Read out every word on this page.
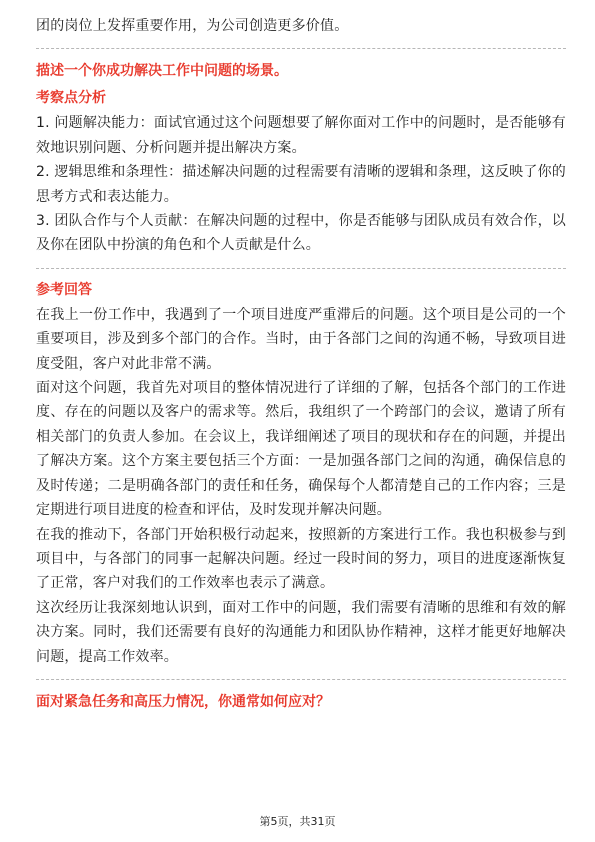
团的岗位上发挥重要作用，为公司创造更多价值。

描述一个你成功解决工作中问题的场景。

考察点分析

1. 问题解决能力：面试官通过这个问题想要了解你面对工作中的问题时，是否能够有效地识别问题、分析问题并提出解决方案。

2. 逻辑思维和条理性：描述解决问题的过程需要有清晰的逻辑和条理，这反映了你的思考方式和表达能力。

3. 团队合作与个人贡献：在解决问题的过程中，你是否能够与团队成员有效合作，以及你在团队中扮演的角色和个人贡献是什么。

参考回答

在我上一份工作中，我遇到了一个项目进度严重滞后的问题。这个项目是公司的一个重要项目，涉及到多个部门的合作。当时，由于各部门之间的沟通不畅，导致项目进度受阻，客户对此非常不满。

面对这个问题，我首先对项目的整体情况进行了详细的了解，包括各个部门的工作进度、存在的问题以及客户的需求等。然后，我组织了一个跨部门的会议，邀请了所有相关部门的负责人参加。在会议上，我详细阐述了项目的现状和存在的问题，并提出了解决方案。这个方案主要包括三个方面：一是加强各部门之间的沟通，确保信息的及时传递；二是明确各部门的责任和任务，确保每个人都清楚自己的工作内容；三是定期进行项目进度的检查和评估，及时发现并解决问题。

在我的推动下，各部门开始积极行动起来，按照新的方案进行工作。我也积极参与到项目中，与各部门的同事一起解决问题。经过一段时间的努力，项目的进度逐渐恢复了正常，客户对我们的工作效率也表示了满意。

这次经历让我深刻地认识到，面对工作中的问题，我们需要有清晰的思维和有效的解决方案。同时，我们还需要有良好的沟通能力和团队协作精神，这样才能更好地解决问题，提高工作效率。

面对紧急任务和高压力情况，你通常如何应对？

第5页，共31页
